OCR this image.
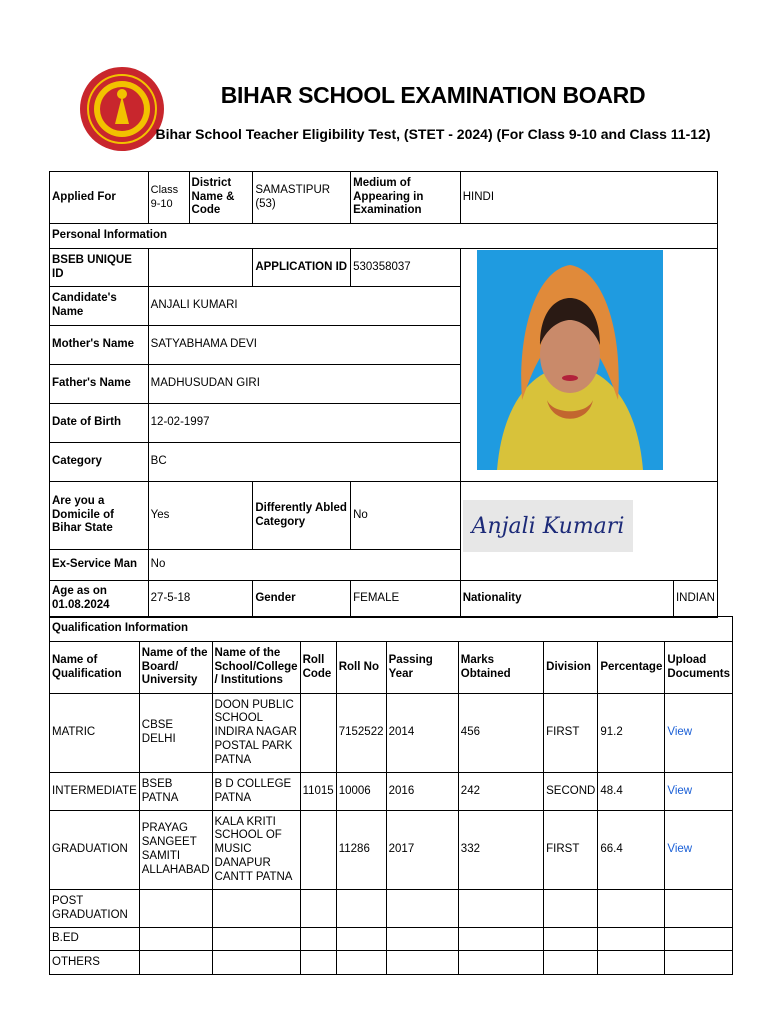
BIHAR SCHOOL EXAMINATION BOARD
Bihar School Teacher Eligibility Test, (STET - 2024) (For Class 9-10 and Class 11-12)
Applied For	Class 9-10	District Name & Code	SAMASTIPUR (53)	Medium of Appearing in Examination	HINDI	
Personal Information						
BSEB UNIQUE ID			APPLICATION ID	530358037		
Candidate's Name	ANJALI KUMARI					
Mother's Name	SATYABHAMA DEVI					
Father's Name	MADHUSUDAN GIRI					
Date of Birth	12-02-1997					
Category	BC					
Are you a Domicile of Bihar State	Yes		Differently Abled Category	No		
Ex-Service Man	No					
Age as on 01.08.2024	27-5-18		Gender	FEMALE	Nationality	INDIAN
Anjali Kumari
Qualification Information									
Name of Qualification	Name of the Board/ University	Name of the School/College / Institutions	Roll Code	Roll No	Passing Year	Marks Obtained	Division	Percentage	Upload Documents
MATRIC	CBSE DELHI	DOON PUBLIC SCHOOL INDIRA NAGAR POSTAL PARK PATNA		7152522	2014	456	FIRST	91.2	View
INTERMEDIATE	BSEB PATNA	B D COLLEGE PATNA	11015	10006	2016	242	SECOND	48.4	View
GRADUATION	PRAYAG SANGEET SAMITI ALLAHABAD	KALA KRITI SCHOOL OF MUSIC DANAPUR CANTT PATNA		11286	2017	332	FIRST	66.4	View
POST GRADUATION									
B.ED									
OTHERS									
